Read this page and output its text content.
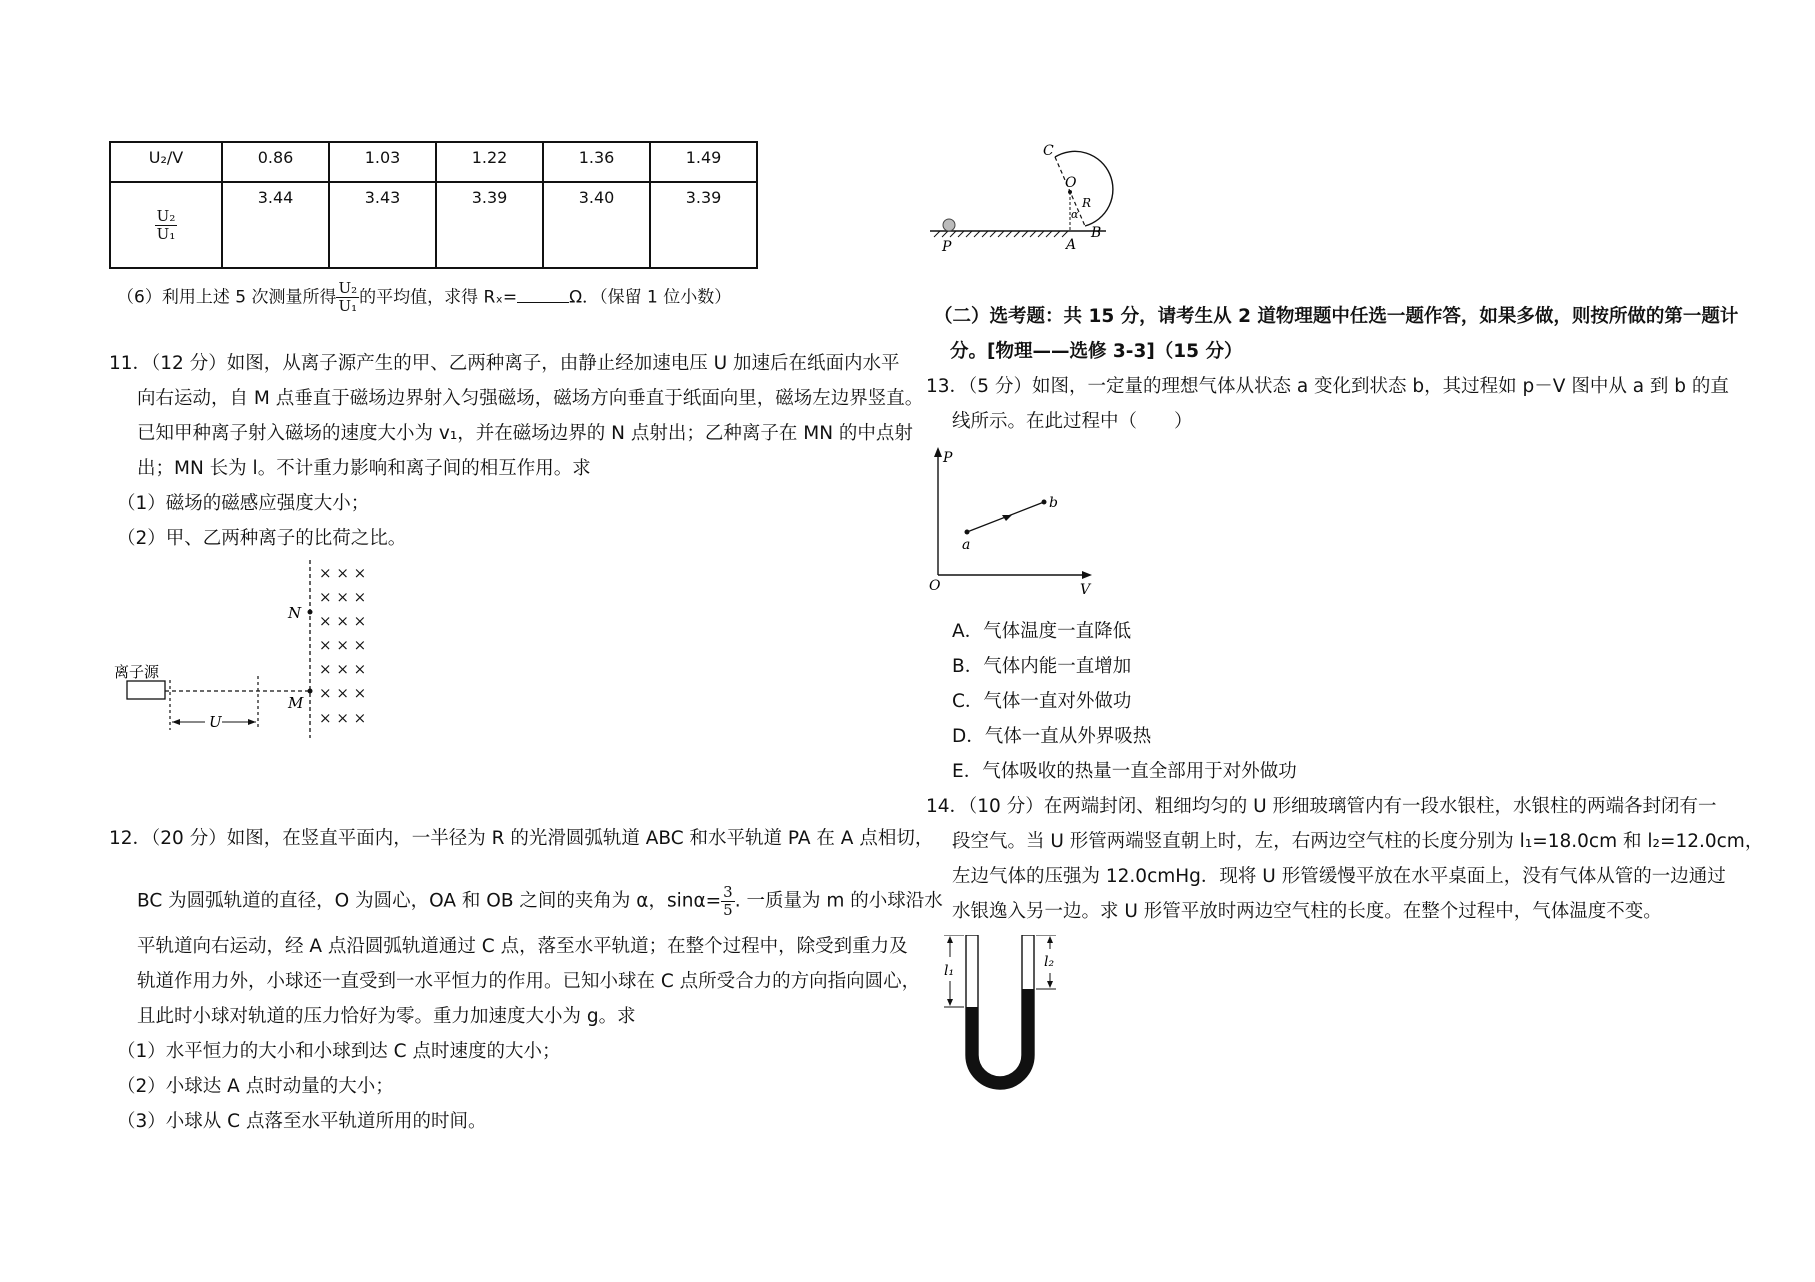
U₂/V	0.86	1.03	1.22	1.36	1.49

$\frac{\text{U₂}}{\text{U₁}}$	3.44	3.43	3.39	3.40	3.39
（6）利用上述 5 次测量所得 $\frac{\text{U₂}}{\text{U₁}}$ 的平均值，求得 Rₓ=	Ω．（保留 1 位小数）
11．（12 分）如图，从离子源产生的甲、乙两种离子，由静止经加速电压 U 加速后在纸面内水平
向右运动，自 M 点垂直于磁场边界射入匀强磁场，磁场方向垂直于纸面向里，磁场左边界竖直。
已知甲种离子射入磁场的速度大小为 v₁，并在磁场边界的 N 点射出；乙种离子在 MN 的中点射
出；MN 长为 l。不计重力影响和离子间的相互作用。求
（1）磁场的磁感应强度大小；
（2）甲、乙两种离子的比荷之比。
× × ×
× × ×
× × ×
× × ×
× × ×
× × ×
× × ×
N
M
离子源
U
12．（20 分）如图，在竖直平面内，一半径为 R 的光滑圆弧轨道 ABC 和水平轨道 PA 在 A 点相切，
BC 为圆弧轨道的直径，O 为圆心，OA 和 OB 之间的夹角为 α，$\sin\alpha= \frac{3}{5}$ . 一质量为 m 的小球沿水
平轨道向右运动，经 A 点沿圆弧轨道通过 C 点，落至水平轨道；在整个过程中，除受到重力及
轨道作用力外，小球还一直受到一水平恒力的作用。已知小球在 C 点所受合力的方向指向圆心，
且此时小球对轨道的压力恰好为零。重力加速度大小为 g。求
（1）水平恒力的大小和小球到达 C 点时速度的大小；
（2）小球达 A 点时动量的大小；
（3）小球从 C 点落至水平轨道所用的时间。
C
O
R
α
P	A
B
（二）选考题：共 15 分，请考生从 2 道物理题中任选一题作答，如果多做，则按所做的第一题计
分。[物理——选修 3-3]（15 分）
13．（5 分）如图，一定量的理想气体从状态 a 变化到状态 b，其过程如 p－V 图中从 a 到 b 的直
线所示。在此过程中（　　）
P
V
O
a
b
A．气体温度一直降低
B．气体内能一直增加
C．气体一直对外做功
D．气体一直从外界吸热
E．气体吸收的热量一直全部用于对外做功
14．（10 分）在两端封闭、粗细均匀的 U 形细玻璃管内有一段水银柱，水银柱的两端各封闭有一
段空气。当 U 形管两端竖直朝上时，左，右两边空气柱的长度分别为 l₁=18.0cm 和 l₂=12.0cm，
左边气体的压强为 12.0cmHg．现将 U 形管缓慢平放在水平桌面上，没有气体从管的一边通过
水银逸入另一边。求 U 形管平放时两边空气柱的长度。在整个过程中，气体温度不变。
l₁
l₂
